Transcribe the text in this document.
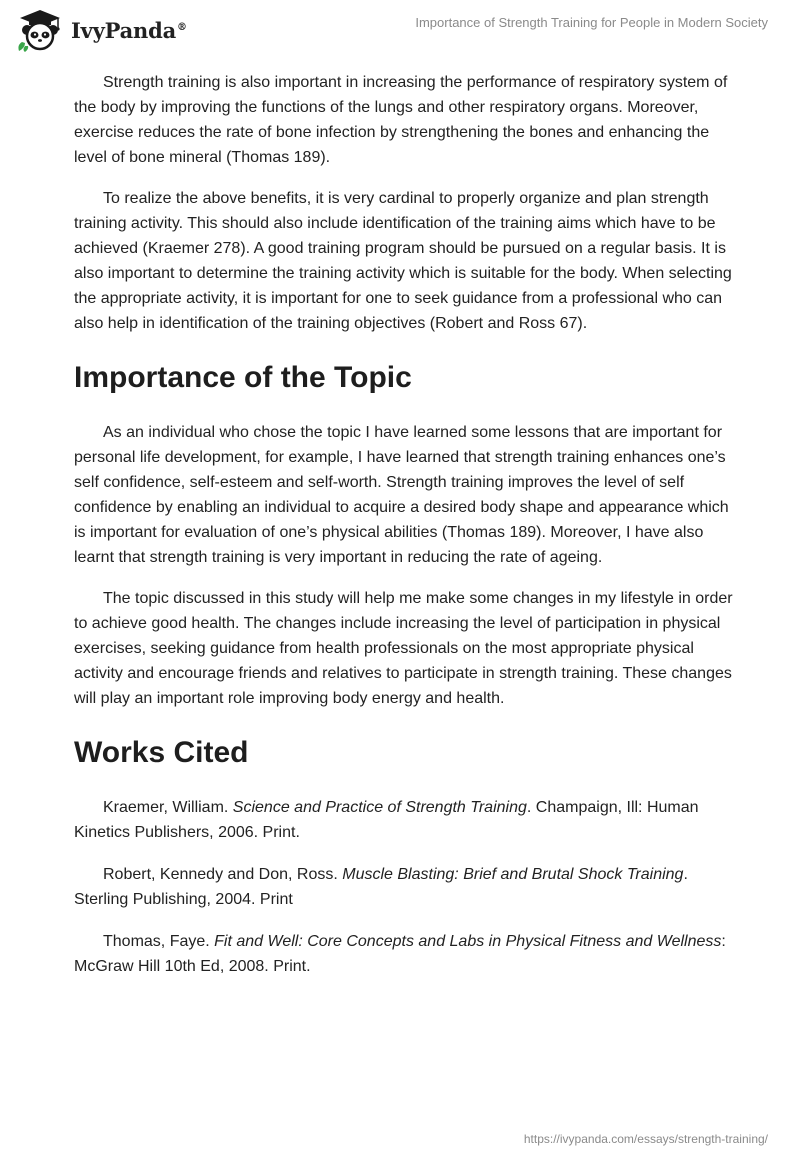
IvyPanda®	Importance of Strength Training for People in Modern Society

Strength training is also important in increasing the performance of respiratory system of the body by improving the functions of the lungs and other respiratory organs. Moreover, exercise reduces the rate of bone infection by strengthening the bones and enhancing the level of bone mineral (Thomas 189).

To realize the above benefits, it is very cardinal to properly organize and plan strength training activity. This should also include identification of the training aims which have to be achieved (Kraemer 278). A good training program should be pursued on a regular basis. It is also important to determine the training activity which is suitable for the body. When selecting the appropriate activity, it is important for one to seek guidance from a professional who can also help in identification of the training objectives (Robert and Ross 67).

Importance of the Topic

As an individual who chose the topic I have learned some lessons that are important for personal life development, for example, I have learned that strength training enhances one’s self confidence, self-esteem and self-worth. Strength training improves the level of self confidence by enabling an individual to acquire a desired body shape and appearance which is important for evaluation of one’s physical abilities (Thomas 189). Moreover, I have also learnt that strength training is very important in reducing the rate of ageing.

The topic discussed in this study will help me make some changes in my lifestyle in order to achieve good health. The changes include increasing the level of participation in physical exercises, seeking guidance from health professionals on the most appropriate physical activity and encourage friends and relatives to participate in strength training. These changes will play an important role improving body energy and health.

Works Cited

Kraemer, William. Science and Practice of Strength Training. Champaign, Ill: Human Kinetics Publishers, 2006. Print.

Robert, Kennedy and Don, Ross. Muscle Blasting: Brief and Brutal Shock Training. Sterling Publishing, 2004. Print

Thomas, Faye. Fit and Well: Core Concepts and Labs in Physical Fitness and Wellness: McGraw Hill 10th Ed, 2008. Print.

https://ivypanda.com/essays/strength-training/
